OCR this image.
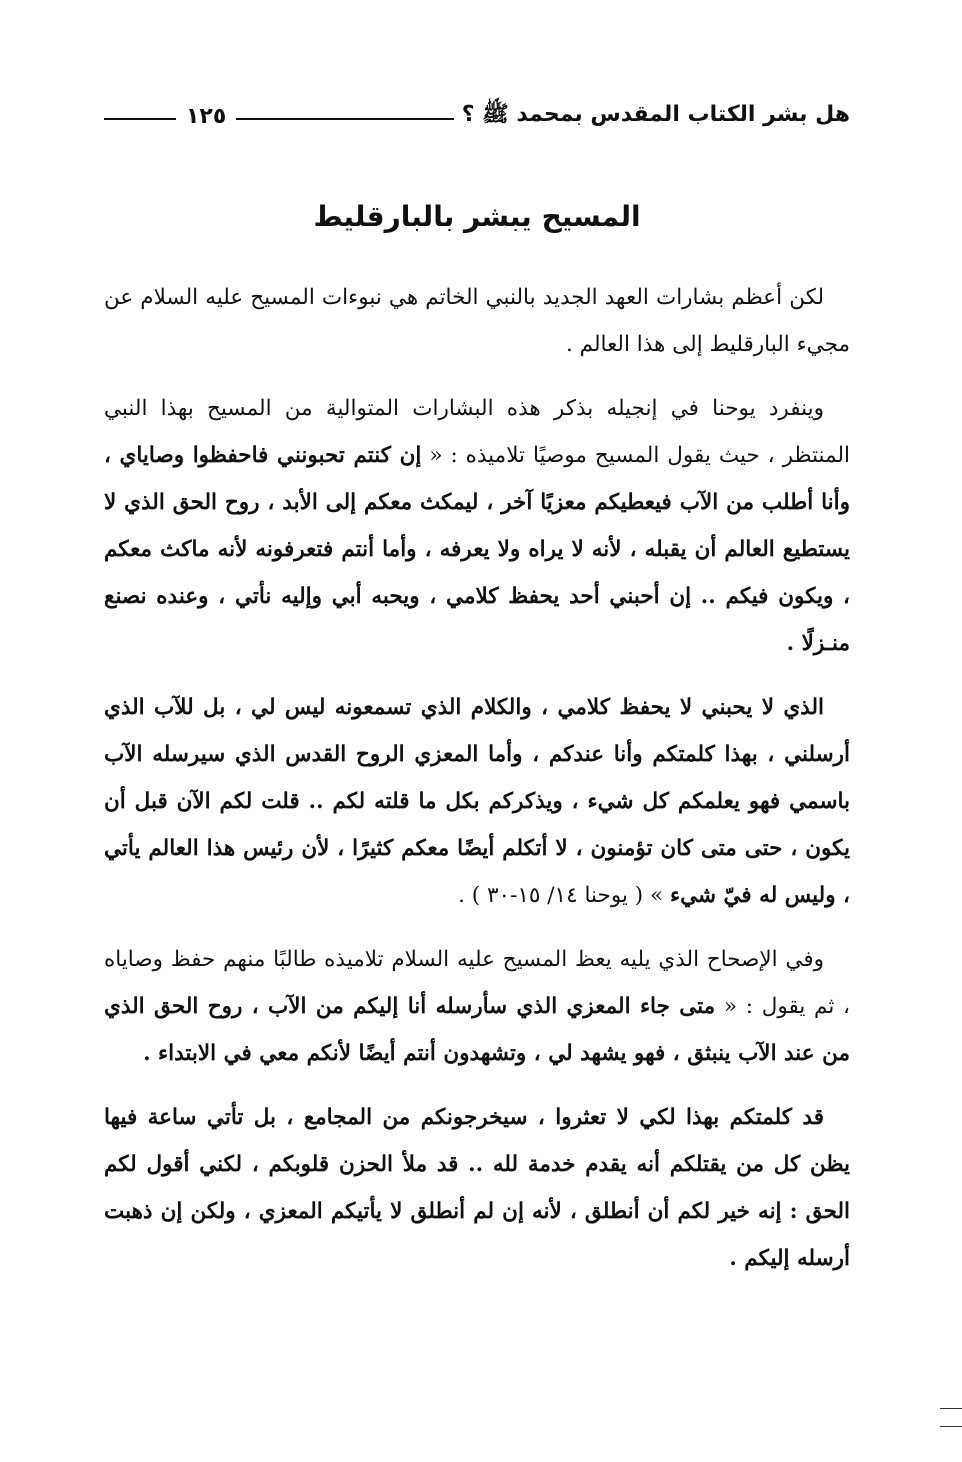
هل بشر الكتاب المقدس بمحمد ﷺ ؟
١٢٥
المسيح يبشر بالبارقليط

لكن أعظم بشارات العهد الجديد بالنبي الخاتم هي نبوءات المسيح عليه السلام عن مجيء البارقليط إلى هذا العالم .

وينفرد يوحنا في إنجيله بذكر هذه البشارات المتوالية من المسيح بهذا النبي المنتظر ، حيث يقول المسيح موصيًا تلاميذه : « إن كنتم تحبونني فاحفظوا وصاياي ، وأنا أطلب من الآب فيعطيكم معزيًا آخر ، ليمكث معكم إلى الأبد ، روح الحق الذي لا يستطيع العالم أن يقبله ، لأنه لا يراه ولا يعرفه ، وأما أنتم فتعرفونه لأنه ماكث معكم ، ويكون فيكم .. إن أحبني أحد يحفظ كلامي ، ويحبه أبي وإليه نأتي ، وعنده نصنع منـزلًا .

الذي لا يحبني لا يحفظ كلامي ، والكلام الذي تسمعونه ليس لي ، بل للآب الذي أرسلني ، بهذا كلمتكم وأنا عندكم ، وأما المعزي الروح القدس الذي سيرسله الآب باسمي فهو يعلمكم كل شيء ، ويذكركم بكل ما قلته لكم .. قلت لكم الآن قبل أن يكون ، حتى متى كان تؤمنون ، لا أتكلم أيضًا معكم كثيرًا ، لأن رئيس هذا العالم يأتي ، وليس له فيّ شيء » ( يوحنا ١٤/ ١٥-٣٠ ) .

وفي الإصحاح الذي يليه يعظ المسيح عليه السلام تلاميذه طالبًا منهم حفظ وصاياه ، ثم يقول : « متى جاء المعزي الذي سأرسله أنا إليكم من الآب ، روح الحق الذي من عند الآب ينبثق ، فهو يشهد لي ، وتشهدون أنتم أيضًا لأنكم معي في الابتداء .

قد كلمتكم بهذا لكي لا تعثروا ، سيخرجونكم من المجامع ، بل تأتي ساعة فيها يظن كل من يقتلكم أنه يقدم خدمة لله .. قد ملأ الحزن قلوبكم ، لكني أقول لكم الحق : إنه خير لكم أن أنطلق ، لأنه إن لم أنطلق لا يأتيكم المعزي ، ولكن إن ذهبت أرسله إليكم .
